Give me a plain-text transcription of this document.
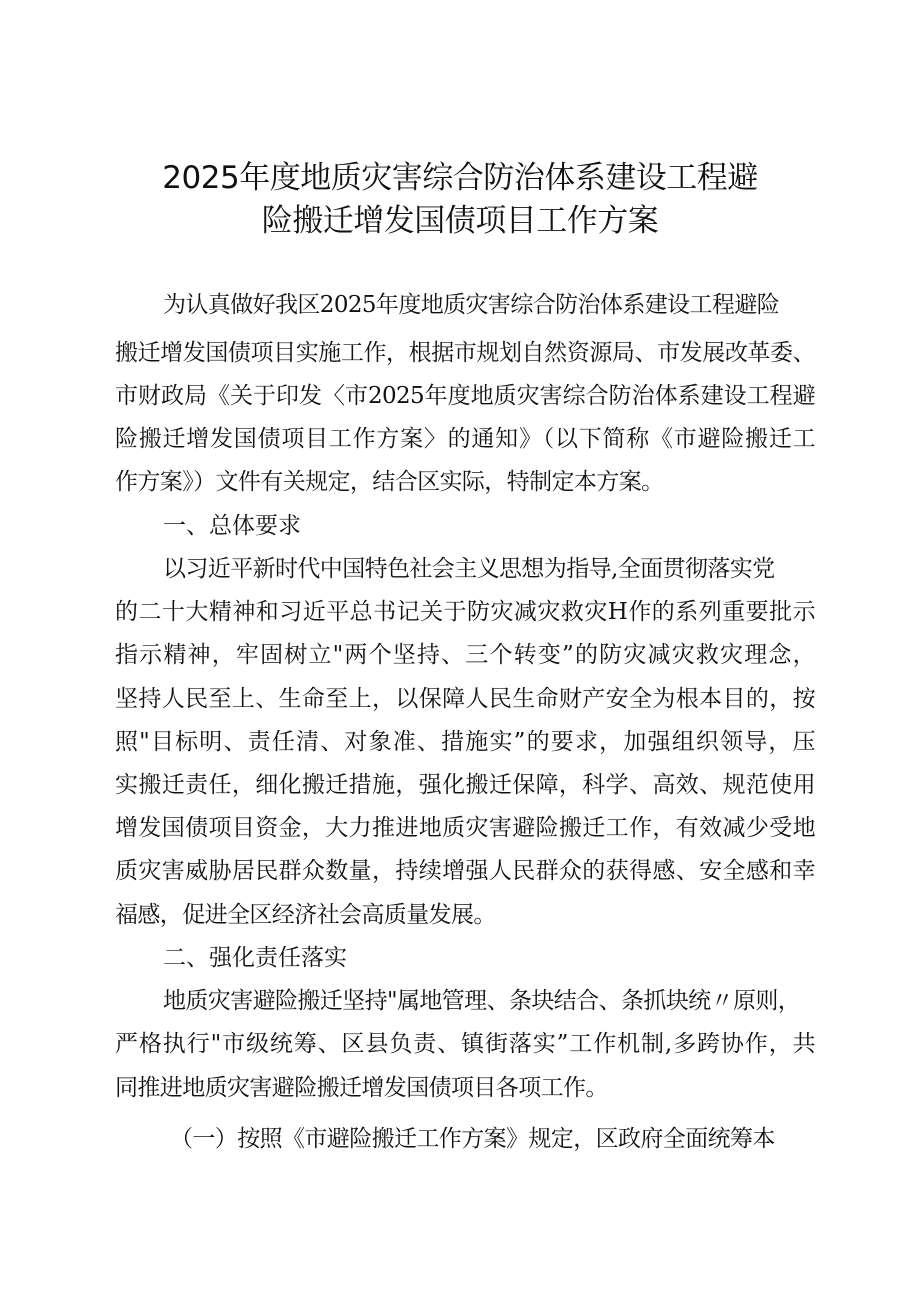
2025年度地质灾害综合防治体系建设工程避
险搬迁增发国债项目工作方案
为认真做好我区2025年度地质灾害综合防治体系建设工程避险
搬迁增发国债项目实施工作，根据市规划自然资源局、市发展改革委、
市财政局《关于印发〈市2025年度地质灾害综合防治体系建设工程避
险搬迁增发国债项目工作方案〉的通知》（以下简称《市避险搬迁工
作方案》）文件有关规定，结合区实际，特制定本方案。
一、总体要求
以习近平新时代中国特色社会主义思想为指导,全面贯彻落实党
的二十大精神和习近平总书记关于防灾减灾救灾H作的系列重要批示
指示精神，牢固树立"两个坚持、三个转变”的防灾减灾救灾理念，
坚持人民至上、生命至上，以保障人民生命财产安全为根本目的，按
照"目标明、责任清、对象准、措施实”的要求，加强组织领导，压
实搬迁责任，细化搬迁措施，强化搬迁保障，科学、高效、规范使用
增发国债项目资金，大力推进地质灾害避险搬迁工作，有效减少受地
质灾害威胁居民群众数量，持续增强人民群众的获得感、安全感和幸
福感，促进全区经济社会高质量发展。
二、强化责任落实
地质灾害避险搬迁坚持"属地管理、条块结合、条抓块统〃原则，
严格执行"市级统筹、区县负责、镇街落实”工作机制,多跨协作，共
同推进地质灾害避险搬迁增发国债项目各项工作。
（一）按照《市避险搬迁工作方案》规定，区政府全面统筹本
